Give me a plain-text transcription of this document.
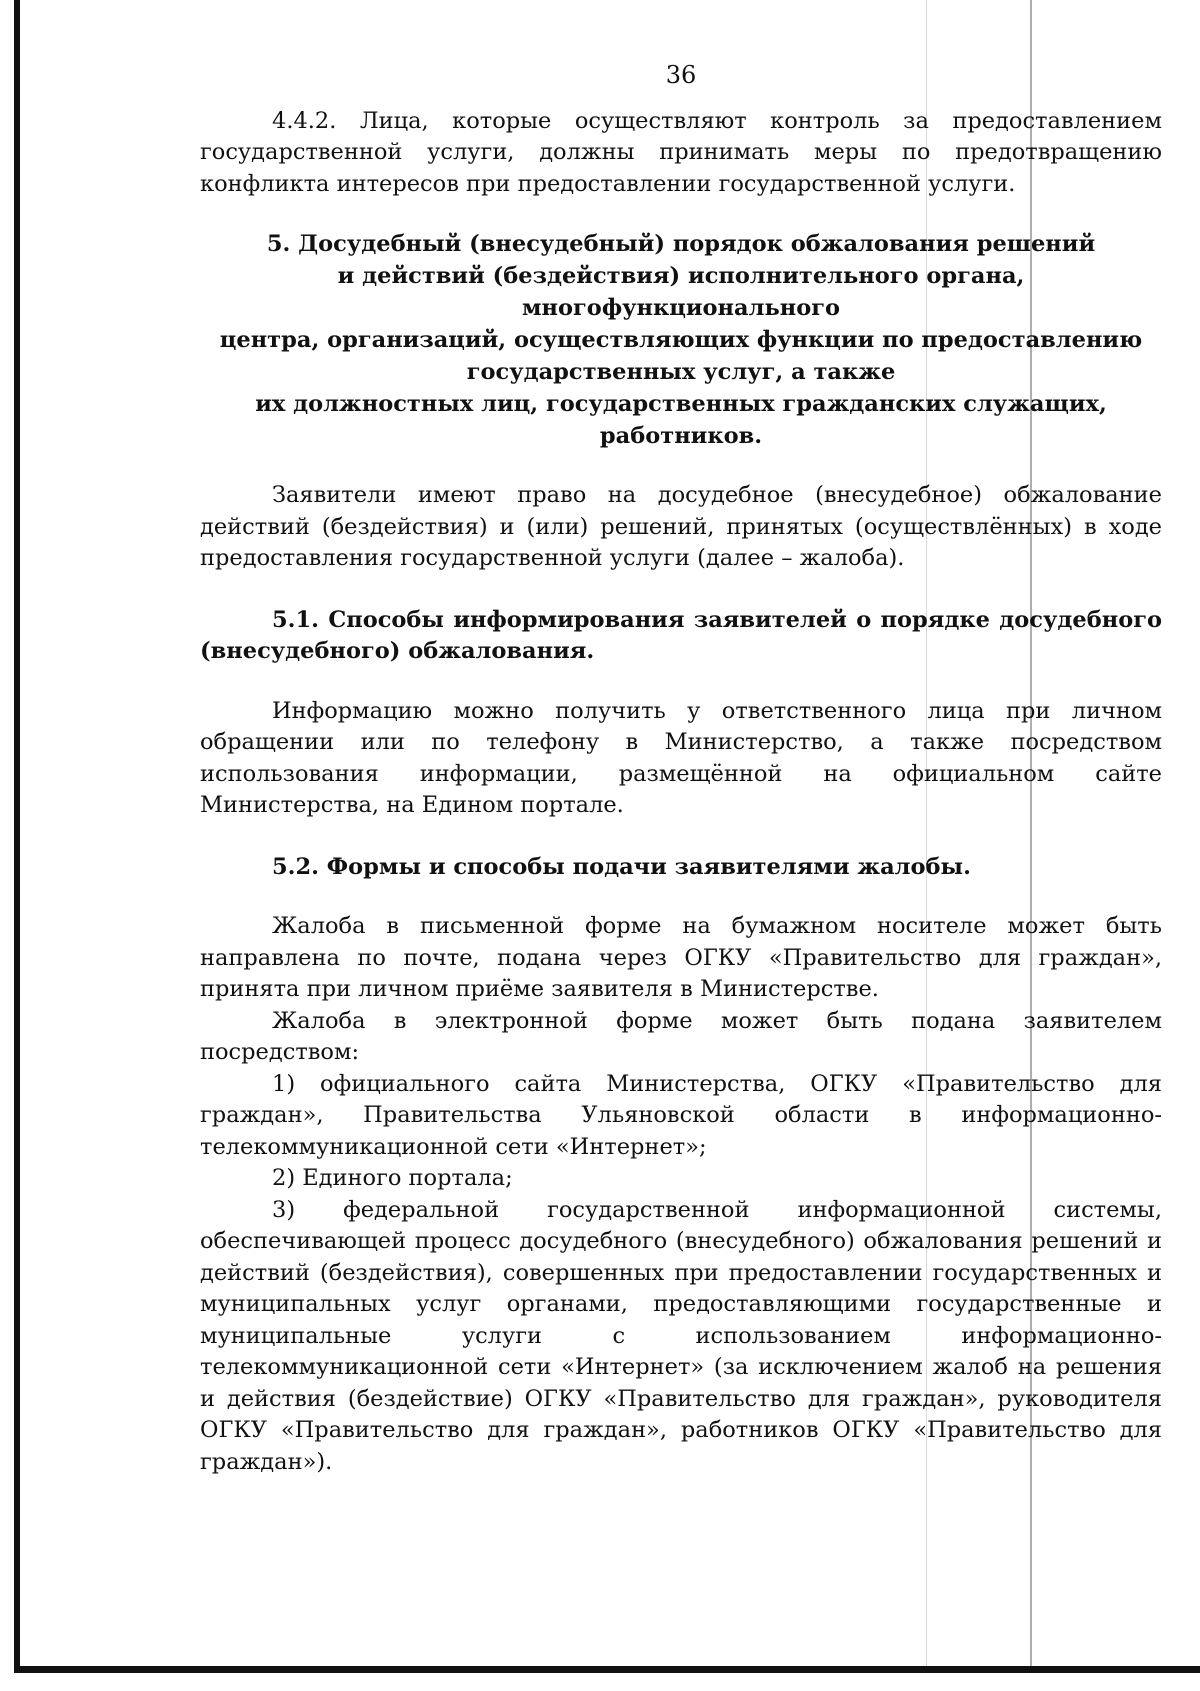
36

4.4.2. Лица, которые осуществляют контроль за предоставлением государственной услуги, должны принимать меры по предотвращению конфликта интересов при предоставлении государственной услуги.

5. Досудебный (внесудебный) порядок обжалования решений
и действий (бездействия) исполнительного органа, многофункционального
центра, организаций, осуществляющих функции по предоставлению
государственных услуг, а также
их должностных лиц, государственных гражданских служащих,
работников.

Заявители имеют право на досудебное (внесудебное) обжалование действий (бездействия) и (или) решений, принятых (осуществлённых) в ходе предоставления государственной услуги (далее – жалоба).

5.1. Способы информирования заявителей о порядке досудебного (внесудебного) обжалования.

Информацию можно получить у ответственного лица при личном обращении или по телефону в Министерство, а также посредством использования информации, размещённой на официальном сайте Министерства, на Едином портале.

5.2. Формы и способы подачи заявителями жалобы.

Жалоба в письменной форме на бумажном носителе может быть направлена по почте, подана через ОГКУ «Правительство для граждан», принята при личном приёме заявителя в Министерстве.

Жалоба в электронной форме может быть подана заявителем посредством:

1) официального сайта Министерства, ОГКУ «Правительство для граждан», Правительства Ульяновской области в информационно-телекоммуникационной сети «Интернет»;

2) Единого портала;

3) федеральной государственной информационной системы, обеспечивающей процесс досудебного (внесудебного) обжалования решений и действий (бездействия), совершенных при предоставлении государственных и муниципальных услуг органами, предоставляющими государственные и муниципальные услуги с использованием информационно-телекоммуникационной сети «Интернет» (за исключением жалоб на решения и действия (бездействие) ОГКУ «Правительство для граждан», руководителя ОГКУ «Правительство для граждан», работников ОГКУ «Правительство для граждан»).
